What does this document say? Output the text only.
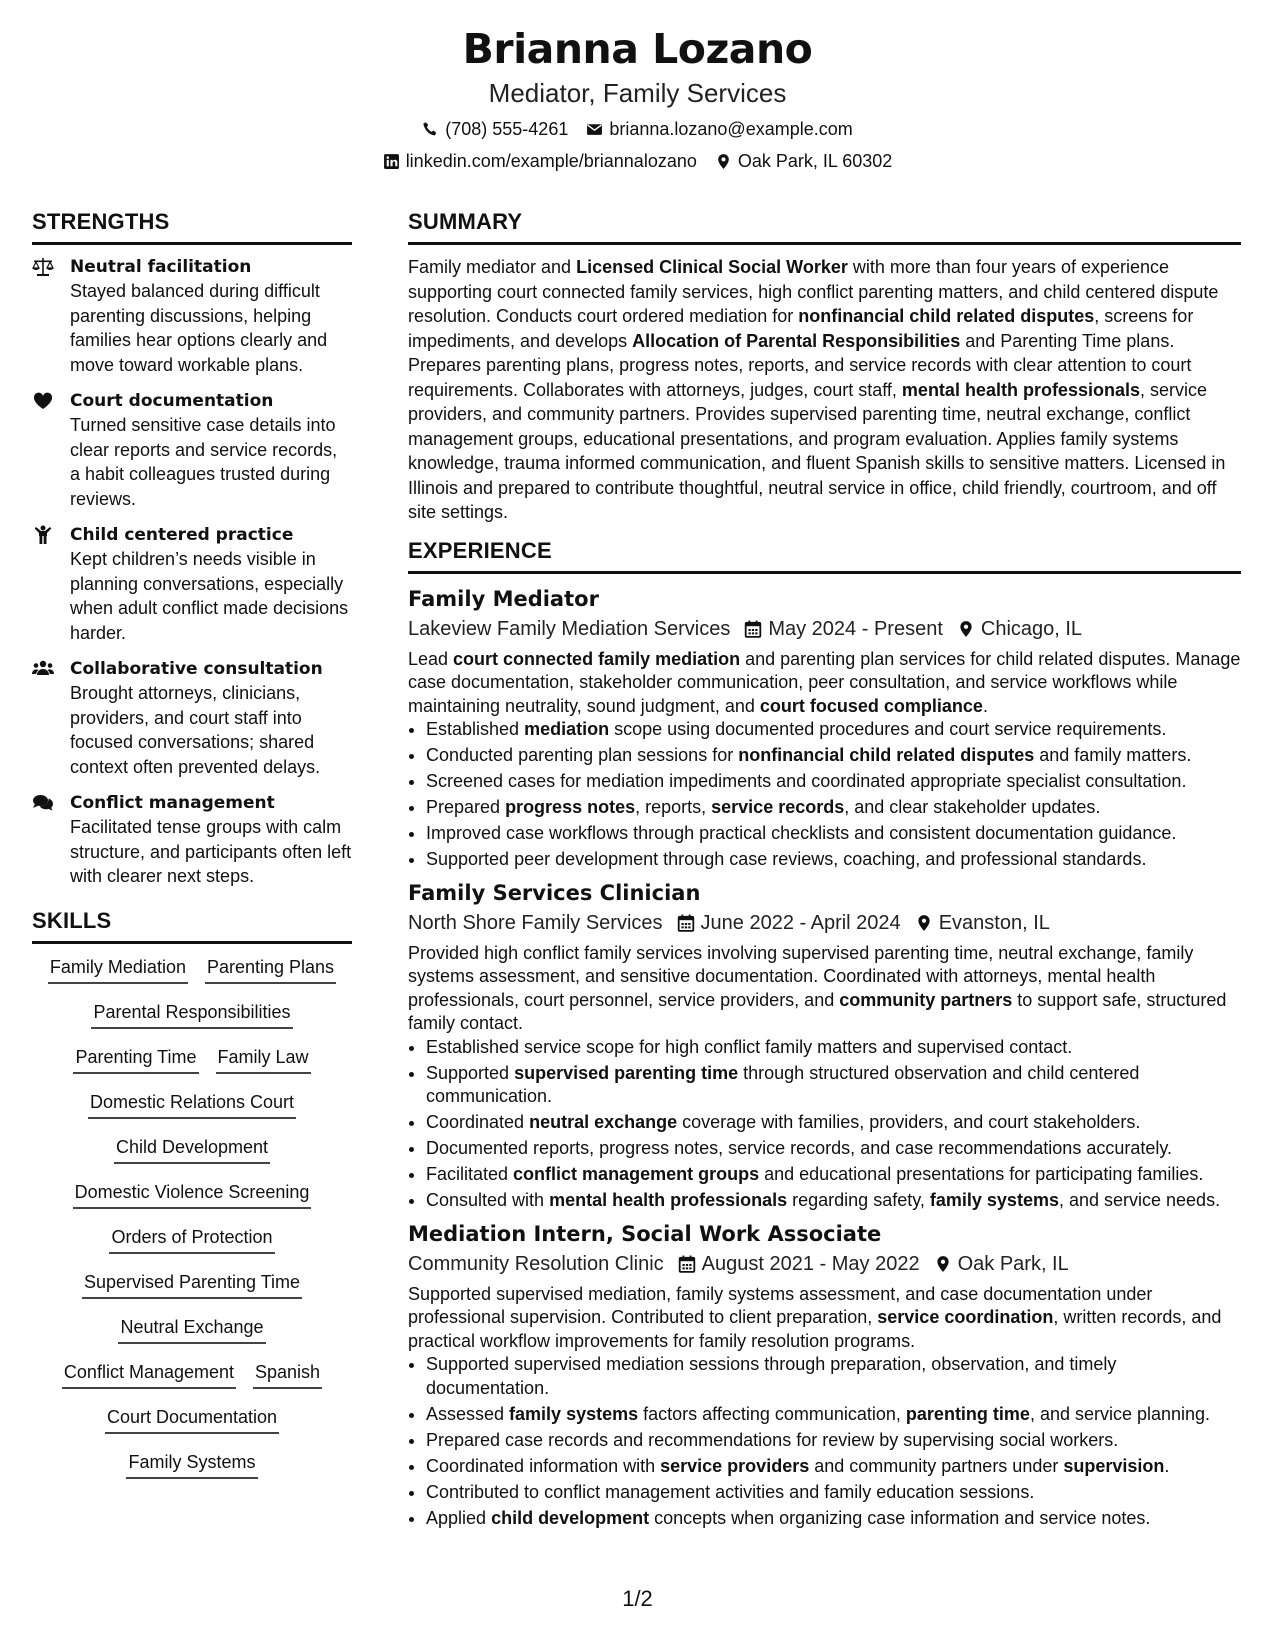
Brianna Lozano
Mediator, Family Services
(708) 555-4261 brianna.lozano@example.com
linkedin.com/example/briannalozano Oak Park, IL 60302
STRENGTHS
Neutral facilitation
Stayed balanced during difficult parenting discussions, helping families hear options clearly and move toward workable plans.
Court documentation
Turned sensitive case details into clear reports and service records, a habit colleagues trusted during reviews.
Child centered practice
Kept children’s needs visible in planning conversations, especially when adult conflict made decisions harder.
Collaborative consultation
Brought attorneys, clinicians, providers, and court staff into focused conversations; shared context often prevented delays.
Conflict management
Facilitated tense groups with calm structure, and participants often left with clearer next steps.
SKILLS
Family Mediation Parenting Plans
Parental Responsibilities
Parenting Time Family Law
Domestic Relations Court
Child Development
Domestic Violence Screening
Orders of Protection
Supervised Parenting Time
Neutral Exchange
Conflict Management Spanish
Court Documentation
Family Systems
SUMMARY

Family mediator and Licensed Clinical Social Worker with more than four years of experience supporting court connected family services, high conflict parenting matters, and child centered dispute resolution. Conducts court ordered mediation for nonfinancial child related disputes, screens for impediments, and develops Allocation of Parental Responsibilities and Parenting Time plans. Prepares parenting plans, progress notes, reports, and service records with clear attention to court requirements. Collaborates with attorneys, judges, court staff, mental health professionals, service providers, and community partners. Provides supervised parenting time, neutral exchange, conflict management groups, educational presentations, and program evaluation. Applies family systems knowledge, trauma informed communication, and fluent Spanish skills to sensitive matters. Licensed in Illinois and prepared to contribute thoughtful, neutral service in office, child friendly, courtroom, and off site settings.

EXPERIENCE
Family Mediator
Lakeview Family Mediation Services May 2024 - Present Chicago, IL

Lead court connected family mediation and parenting plan services for child related disputes. Manage case documentation, stakeholder communication, peer consultation, and service workflows while maintaining neutrality, sound judgment, and court focused compliance.

• Established mediation scope using documented procedures and court service requirements.
• Conducted parenting plan sessions for nonfinancial child related disputes and family matters.
• Screened cases for mediation impediments and coordinated appropriate specialist consultation.
• Prepared progress notes, reports, service records, and clear stakeholder updates.
• Improved case workflows through practical checklists and consistent documentation guidance.
• Supported peer development through case reviews, coaching, and professional standards.
Family Services Clinician
North Shore Family Services June 2022 - April 2024 Evanston, IL

Provided high conflict family services involving supervised parenting time, neutral exchange, family systems assessment, and sensitive documentation. Coordinated with attorneys, mental health professionals, court personnel, service providers, and community partners to support safe, structured family contact.

• Established service scope for high conflict family matters and supervised contact.
• Supported supervised parenting time through structured observation and child centered communication.
• Coordinated neutral exchange coverage with families, providers, and court stakeholders.
• Documented reports, progress notes, service records, and case recommendations accurately.
• Facilitated conflict management groups and educational presentations for participating families.
• Consulted with mental health professionals regarding safety, family systems, and service needs.
Mediation Intern, Social Work Associate
Community Resolution Clinic August 2021 - May 2022 Oak Park, IL

Supported supervised mediation, family systems assessment, and case documentation under professional supervision. Contributed to client preparation, service coordination, written records, and practical workflow improvements for family resolution programs.

• Supported supervised mediation sessions through preparation, observation, and timely documentation.
• Assessed family systems factors affecting communication, parenting time, and service planning.
• Prepared case records and recommendations for review by supervising social workers.
• Coordinated information with service providers and community partners under supervision.
• Contributed to conflict management activities and family education sessions.
• Applied child development concepts when organizing case information and service notes.
1/2
